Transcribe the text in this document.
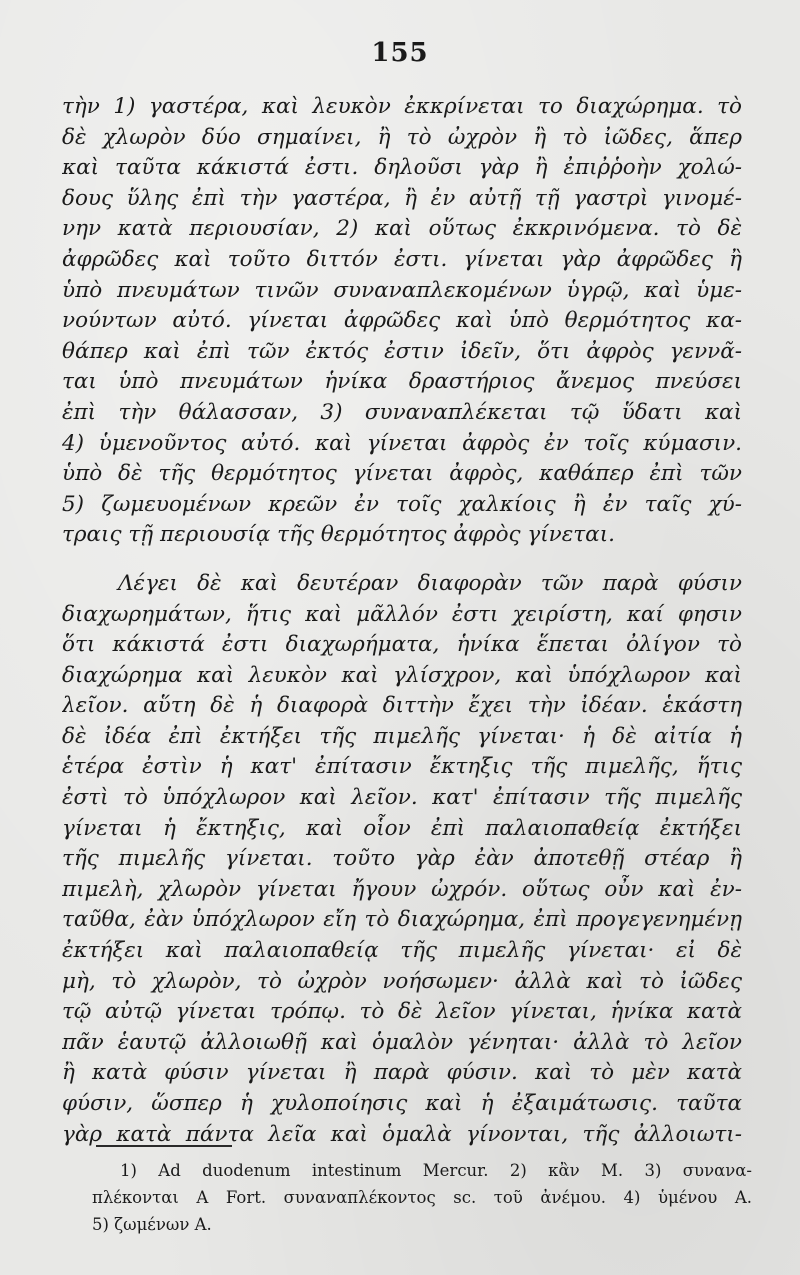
155
τὴν 1) γαστέρα, καὶ λευκὸν ἐκκρίνεται το διαχώρημα. τὸ
δὲ χλωρὸν δύο σημαίνει, ἢ τὸ ὠχρὸν ἢ τὸ ἰῶδες, ἅπερ
καὶ ταῦτα κάκιστά ἐστι. δηλοῦσι γὰρ ἢ ἐπιῤῥοὴν χολώ-
δους ὕλης ἐπὶ τὴν γαστέρα, ἢ ἐν αὐτῇ τῇ γαστρὶ γινομέ-
νην κατὰ περιουσίαν, 2) καὶ οὕτως ἐκκρινόμενα. τὸ δὲ
ἀφρῶδες καὶ τοῦτο διττόν ἐστι. γίνεται γὰρ ἀφρῶδες ἢ
ὑπὸ πνευμάτων τινῶν συναναπλεκομένων ὑγρῷ, καὶ ὑμε-
νούντων αὐτό. γίνεται ἀφρῶδες καὶ ὑπὸ θερμότητος κα-
θάπερ καὶ ἐπὶ τῶν ἐκτός ἐστιν ἰδεῖν, ὅτι ἀφρὸς γεννᾶ-
ται ὑπὸ πνευμάτων ἡνίκα δραστήριος ἄνεμος πνεύσει
ἐπὶ τὴν θάλασσαν, 3) συναναπλέκεται τῷ ὕδατι καὶ
4) ὑμενοῦντος αὐτό. καὶ γίνεται ἀφρὸς ἐν τοῖς κύμασιν.
ὑπὸ δὲ τῆς θερμότητος γίνεται ἀφρὸς, καθάπερ ἐπὶ τῶν
5) ζωμευομένων κρεῶν ἐν τοῖς χαλκίοις ἢ ἐν ταῖς χύ-
τραις τῇ περιουσίᾳ τῆς θερμότητος ἀφρὸς γίνεται.
Λέγει δὲ καὶ δευτέραν διαφορὰν τῶν παρὰ φύσιν
διαχωρημάτων, ἥτις καὶ μᾶλλόν ἐστι χειρίστη, καί φησιν
ὅτι κάκιστά ἐστι διαχωρήματα, ἡνίκα ἕπεται ὀλίγον τὸ
διαχώρημα καὶ λευκὸν καὶ γλίσχρον, καὶ ὑπόχλωρον καὶ
λεῖον. αὕτη δὲ ἡ διαφορὰ διττὴν ἔχει τὴν ἰδέαν. ἑκάστη
δὲ ἰδέα ἐπὶ ἐκτήξει τῆς πιμελῆς γίνεται· ἡ δὲ αἰτία ἡ
ἑτέρα ἐστὶν ἡ κατ' ἐπίτασιν ἔκτηξις τῆς πιμελῆς, ἥτις
ἐστὶ τὸ ὑπόχλωρον καὶ λεῖον. κατ' ἐπίτασιν τῆς πιμελῆς
γίνεται ἡ ἔκτηξις, καὶ οἷον ἐπὶ παλαιοπαθείᾳ ἐκτήξει
τῆς πιμελῆς γίνεται. τοῦτο γὰρ ἐὰν ἀποτεθῇ στέαρ ἢ
πιμελὴ, χλωρὸν γίνεται ἤγουν ὠχρόν. οὕτως οὖν καὶ ἐν-
ταῦθα, ἐὰν ὑπόχλωρον εἴη τὸ διαχώρημα, ἐπὶ προγεγενημένῃ
ἐκτήξει καὶ παλαιοπαθείᾳ τῆς πιμελῆς γίνεται· εἰ δὲ
μὴ, τὸ χλωρὸν, τὸ ὠχρὸν νοήσωμεν· ἀλλὰ καὶ τὸ ἰῶδες
τῷ αὐτῷ γίνεται τρόπῳ. τὸ δὲ λεῖον γίνεται, ἡνίκα κατὰ
πᾶν ἑαυτῷ ἀλλοιωθῇ καὶ ὁμαλὸν γένηται· ἀλλὰ τὸ λεῖον
ἢ κατὰ φύσιν γίνεται ἢ παρὰ φύσιν. καὶ τὸ μὲν κατὰ
φύσιν, ὥσπερ ἡ χυλοποίησις καὶ ἡ ἐξαιμάτωσις. ταῦτα
γὰρ κατὰ πάντα λεῖα καὶ ὁμαλὰ γίνονται, τῆς ἀλλοιωτι-
1) Ad duodenum intestinum Mercur. 2) κἂν M. 3) συνανα-
πλέκονται A Fort. συναναπλέκοντος sc. τοῦ ἀνέμου. 4) ὑμένου A.
5) ζωμένων A.
